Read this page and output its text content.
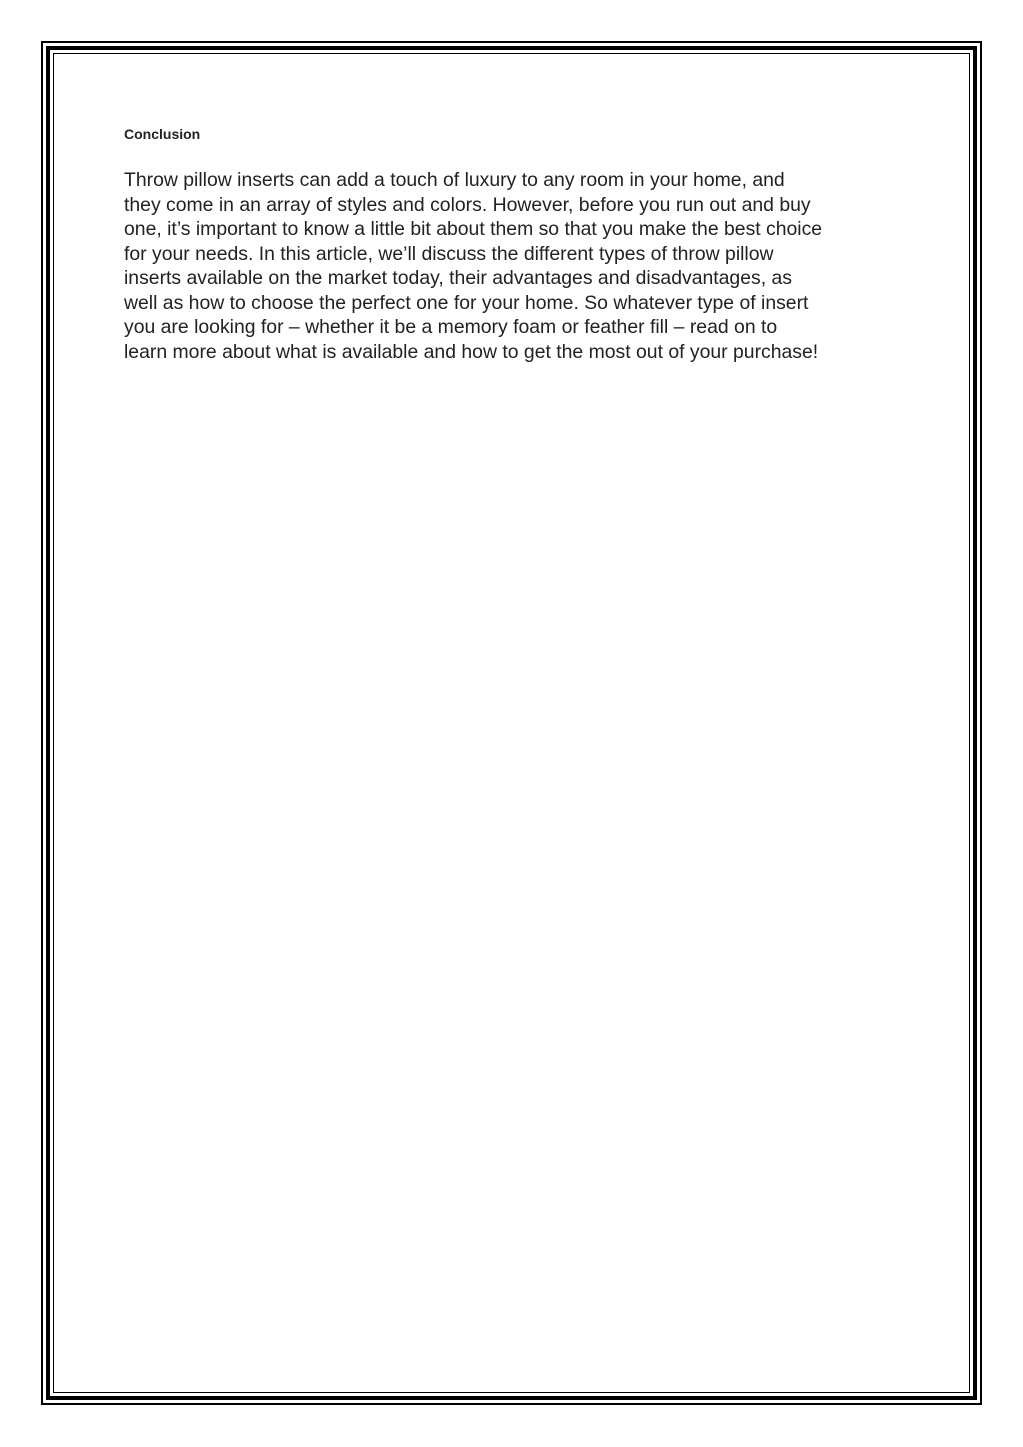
Conclusion

Throw pillow inserts can add a touch of luxury to any room in your home, and
they come in an array of styles and colors. However, before you run out and buy
one, it’s important to know a little bit about them so that you make the best choice
for your needs. In this article, we’ll discuss the different types of throw pillow
inserts available on the market today, their advantages and disadvantages, as
well as how to choose the perfect one for your home. So whatever type of insert
you are looking for – whether it be a memory foam or feather fill – read on to
learn more about what is available and how to get the most out of your purchase!
